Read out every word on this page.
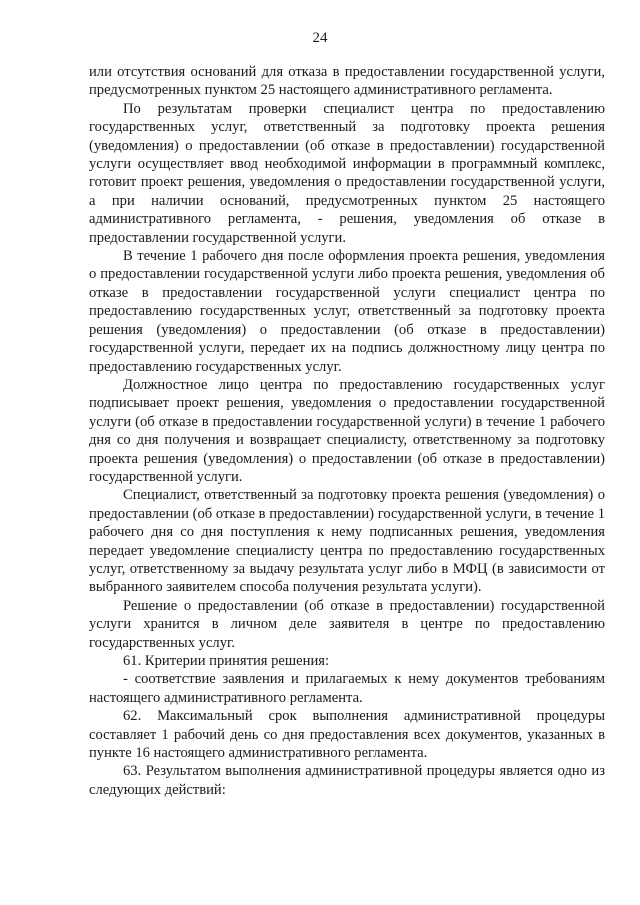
24

или отсутствия оснований для отказа в предоставлении государственной услуги, предусмотренных пунктом 25 настоящего административного регламента.

По результатам проверки специалист центра по предоставлению государственных услуг, ответственный за подготовку проекта решения (уведомления) о предоставлении (об отказе в предоставлении) государственной услуги осуществляет ввод необходимой информации в программный комплекс, готовит проект решения, уведомления о предоставлении государственной услуги, а при наличии оснований, предусмотренных пунктом 25 настоящего административного регламента, - решения, уведомления об отказе в предоставлении государственной услуги.

В течение 1 рабочего дня после оформления проекта решения, уведомления о предоставлении государственной услуги либо проекта решения, уведомления об отказе в предоставлении государственной услуги специалист центра по предоставлению государственных услуг, ответственный за подготовку проекта решения (уведомления) о предоставлении (об отказе в предоставлении) государственной услуги, передает их на подпись должностному лицу центра по предоставлению государственных услуг.

Должностное лицо центра по предоставлению государственных услуг подписывает проект решения, уведомления о предоставлении государственной услуги (об отказе в предоставлении государственной услуги) в течение 1 рабочего дня со дня получения и возвращает специалисту, ответственному за подготовку проекта решения (уведомления) о предоставлении (об отказе в предоставлении) государственной услуги.

Специалист, ответственный за подготовку проекта решения (уведомления) о предоставлении (об отказе в предоставлении) государственной услуги, в течение 1 рабочего дня со дня поступления к нему подписанных решения, уведомления передает уведомление специалисту центра по предоставлению государственных услуг, ответственному за выдачу результата услуг либо в МФЦ (в зависимости от выбранного заявителем способа получения результата услуги).

Решение о предоставлении (об отказе в предоставлении) государственной услуги хранится в личном деле заявителя в центре по предоставлению государственных услуг.

61. Критерии принятия решения:

- соответствие заявления и прилагаемых к нему документов требованиям настоящего административного регламента.

62. Максимальный срок выполнения административной процедуры составляет 1 рабочий день со дня предоставления всех документов, указанных в пункте 16 настоящего административного регламента.

63. Результатом выполнения административной процедуры является одно из следующих действий:
